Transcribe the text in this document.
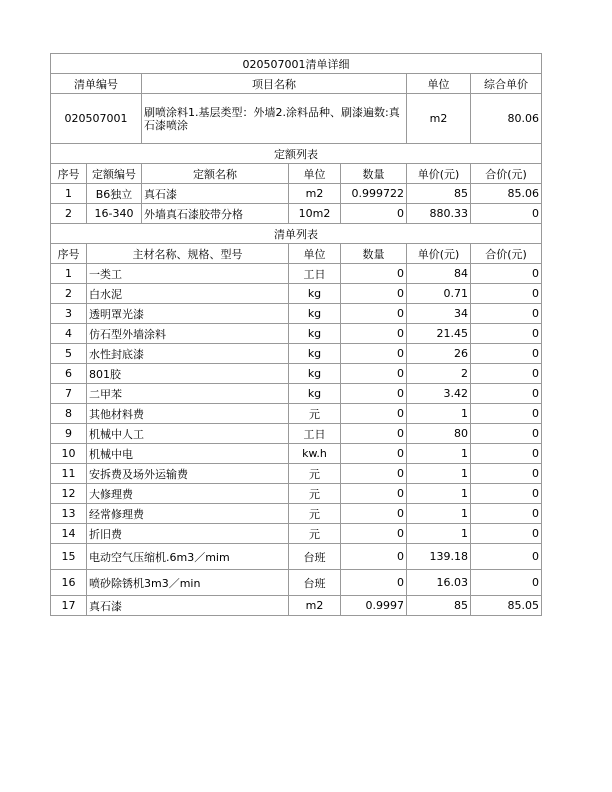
020507001清单详细						
清单编号		项目名称			单位	综合单价
020507001		刷喷涂料1.基层类型：外墙2.涂料品种、刷漆遍数:真石漆喷涂			m2	80.06
定额列表						
序号	定额编号	定额名称	单位	数量	单价(元)	合价(元)
1	B6独立	真石漆	m2	0.999722	85	85.06
2	16-340	外墙真石漆胶带分格	10m2	0	880.33	0
清单列表						
序号	主材名称、规格、型号		单位	数量	单价(元)	合价(元)
1	一类工		工日	0	84	0
2	白水泥		kg	0	0.71	0
3	透明罩光漆		kg	0	34	0
4	仿石型外墙涂料		kg	0	21.45	0
5	水性封底漆		kg	0	26	0
6	801胶		kg	0	2	0
7	二甲苯		kg	0	3.42	0
8	其他材料费		元	0	1	0
9	机械中人工		工日	0	80	0
10	机械中电		kw.h	0	1	0
11	安拆费及场外运输费		元	0	1	0
12	大修理费		元	0	1	0
13	经常修理费		元	0	1	0
14	折旧费		元	0	1	0
15	电动空气压缩机.6m3／mim		台班	0	139.18	0
16	喷砂除锈机3m3／min		台班	0	16.03	0
17	真石漆		m2	0.9997	85	85.05
